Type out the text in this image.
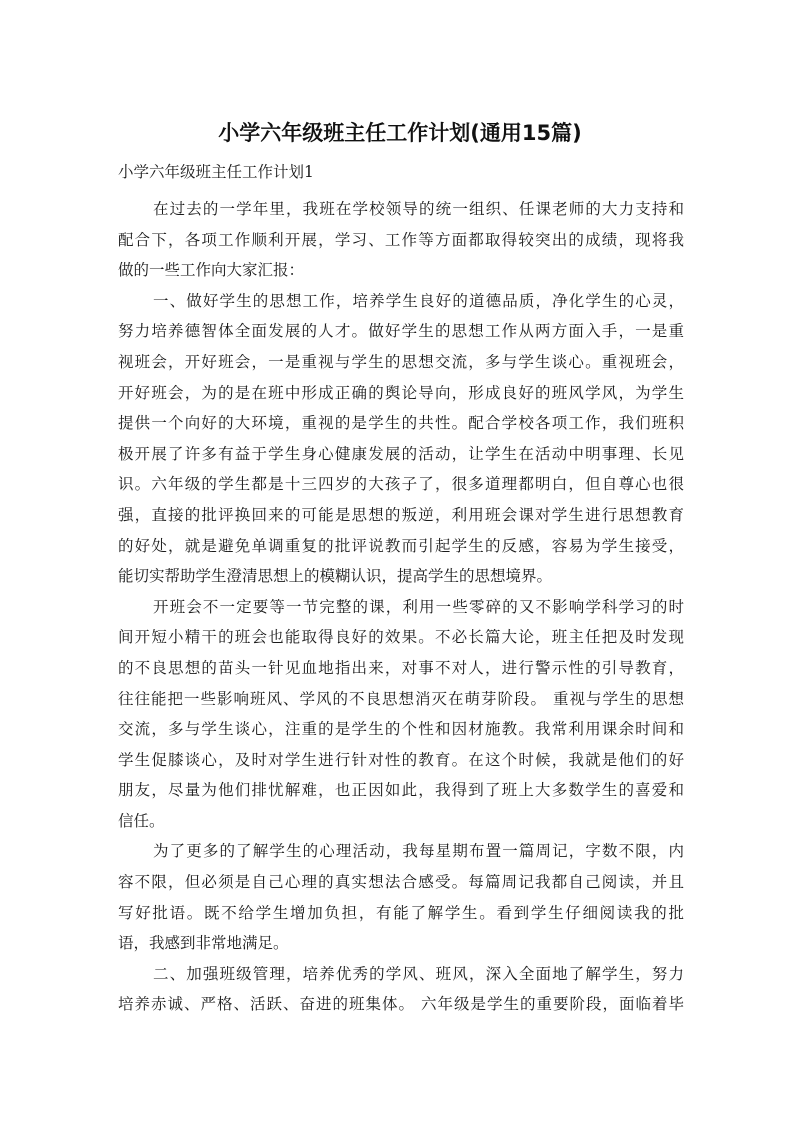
小学六年级班主任工作计划(通用15篇)
小学六年级班主任工作计划1

在过去的一学年里，我班在学校领导的统一组织、任课老师的大力支持和
配合下，各项工作顺利开展，学习、工作等方面都取得较突出的成绩，现将我
做的一些工作向大家汇报：

一、做好学生的思想工作，培养学生良好的道德品质，净化学生的心灵，
努力培养德智体全面发展的人才。做好学生的思想工作从两方面入手，一是重
视班会，开好班会，一是重视与学生的思想交流，多与学生谈心。重视班会，
开好班会，为的是在班中形成正确的舆论导向，形成良好的班风学风，为学生
提供一个向好的大环境，重视的是学生的共性。配合学校各项工作，我们班积
极开展了许多有益于学生身心健康发展的活动，让学生在活动中明事理、长见
识。六年级的学生都是十三四岁的大孩子了，很多道理都明白，但自尊心也很
强，直接的批评换回来的可能是思想的叛逆，利用班会课对学生进行思想教育
的好处，就是避免单调重复的批评说教而引起学生的反感，容易为学生接受，
能切实帮助学生澄清思想上的模糊认识，提高学生的思想境界。

开班会不一定要等一节完整的课，利用一些零碎的又不影响学科学习的时
间开短小精干的班会也能取得良好的效果。不必长篇大论，班主任把及时发现
的不良思想的苗头一针见血地指出来，对事不对人，进行警示性的引导教育，
往往能把一些影响班风、学风的不良思想消灭在萌芽阶段。 重视与学生的思想
交流，多与学生谈心，注重的是学生的个性和因材施教。我常利用课余时间和
学生促膝谈心，及时对学生进行针对性的教育。在这个时候，我就是他们的好
朋友，尽量为他们排忧解难，也正因如此，我得到了班上大多数学生的喜爱和
信任。

为了更多的了解学生的心理活动，我每星期布置一篇周记，字数不限，内
容不限，但必须是自己心理的真实想法合感受。每篇周记我都自己阅读，并且
写好批语。既不给学生增加负担，有能了解学生。看到学生仔细阅读我的批
语，我感到非常地满足。

二、加强班级管理，培养优秀的学风、班风，深入全面地了解学生，努力
培养赤诚、严格、活跃、奋进的班集体。 六年级是学生的重要阶段，面临着毕
